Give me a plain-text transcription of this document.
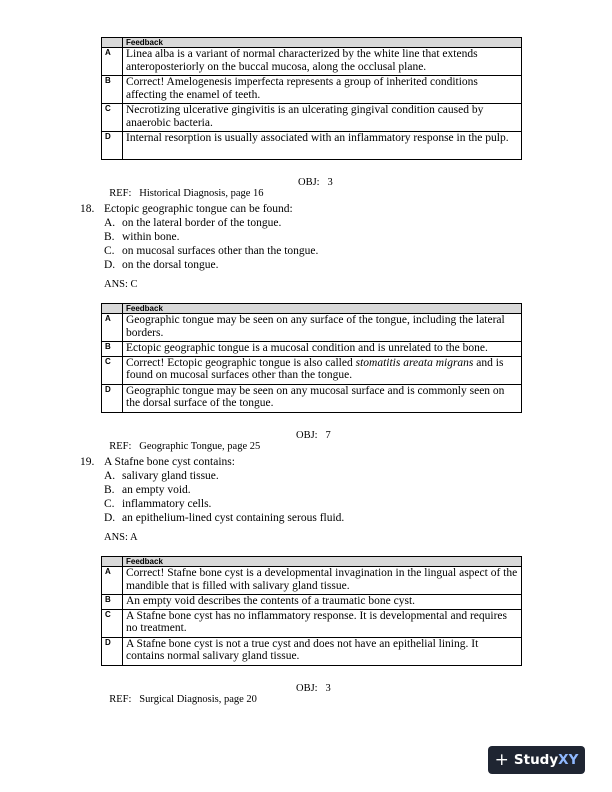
	Feedback
A	Linea alba is a variant of normal characterized by the white line that extends anteroposteriorly on the buccal mucosa, along the occlusal plane.
B	Correct! Amelogenesis imperfecta represents a group of inherited conditions affecting the enamel of teeth.
C	Necrotizing ulcerative gingivitis is an ulcerating gingival condition caused by anaerobic bacteria.
D	Internal resorption is usually associated with an inflammatory response in the pulp.

REF:   Historical Diagnosis, page 16

OBJ:   3

18. Ectopic geographic tongue can be found:
A. on the lateral border of the tongue.
B. within bone.
C. on mucosal surfaces other than the tongue.
D. on the dorsal tongue.
ANS: C
	Feedback
A	Geographic tongue may be seen on any surface of the tongue, including the lateral borders.
B	Ectopic geographic tongue is a mucosal condition and is unrelated to the bone.
C	Correct! Ectopic geographic tongue is also called stomatitis areata migrans and is found on mucosal surfaces other than the tongue.
D	Geographic tongue may be seen on any mucosal surface and is commonly seen on the dorsal surface of the tongue.

REF:   Geographic Tongue, page 25

OBJ:   7

19. A Stafne bone cyst contains:
A. salivary gland tissue.
B. an empty void.
C. inflammatory cells.
D. an epithelium-lined cyst containing serous fluid.
ANS: A
	Feedback
A	Correct! Stafne bone cyst is a developmental invagination in the lingual aspect of the mandible that is filled with salivary gland tissue.
B	An empty void describes the contents of a traumatic bone cyst.
C	A Stafne bone cyst has no inflammatory response. It is developmental and requires no treatment.
D	A Stafne bone cyst is not a true cyst and does not have an epithelial lining. It contains normal salivary gland tissue.

REF:   Surgical Diagnosis, page 20

OBJ:   3

+ Study XY
